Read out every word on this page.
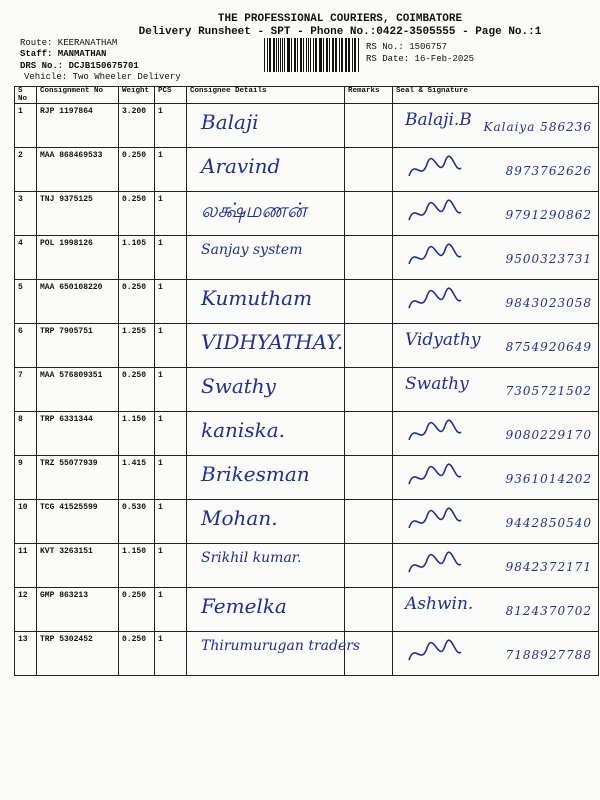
THE PROFESSIONAL COURIERS, COIMBATORE
Delivery Runsheet - SPT - Phone No.:0422-3505555 - Page No.:1
Route: KEERANATHAM
Staff: MANMATHAN
DRS No.: DCJB150675701
Vehicle: Two Wheeler Delivery
RS No.: 1506757
RS Date: 16-Feb-2025
S No	Consignment No	Weight	PCS	Consignee Details	Remarks	Seal & Signature
1	RJP 1197864	3.200	1	Balaji		Balaji.B Kalaiya 586236

2	MAA 868469533	0.250	1	Aravind		8973762626

3	TNJ 9375125	0.250	1	லக்ஷ்மணன்		9791290862

4	POL 1998126	1.105	1	Sanjay system		9500323731

5	MAA 650108220	0.250	1	Kumutham		9843023058

6	TRP 7905751	1.255	1	VIDHYATHAY.		Vidyathy 8754920649

7	MAA 576809351	0.250	1	Swathy		Swathy 7305721502

8	TRP 6331344	1.150	1	kaniska.		9080229170

9	TRZ 55077939	1.415	1	Brikesman		9361014202

10	TCG 41525599	0.530	1	Mohan.		9442850540

11	KVT 3263151	1.150	1	Srikhil kumar.		9842372171

12	GMP 863213	0.250	1	Femelka		Ashwin. 8124370702

13	TRP 5302452	0.250	1	Thirumurugan traders		7188927788
